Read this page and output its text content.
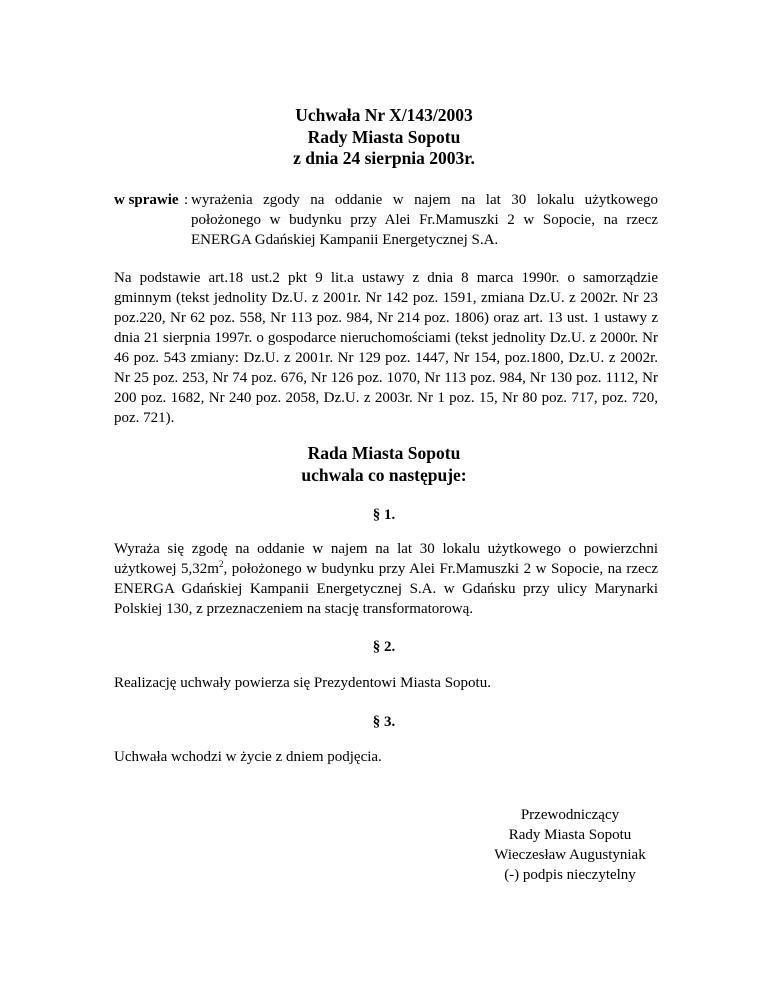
Uchwała Nr X/143/2003
Rady Miasta Sopotu
z dnia 24 sierpnia 2003r.
w sprawie : wyrażenia zgody na oddanie w najem na lat 30 lokalu użytkowego położonego w budynku przy Alei Fr.Mamuszki 2 w Sopocie, na rzecz ENERGA Gdańskiej Kampanii Energetycznej S.A.
Na podstawie art.18 ust.2 pkt 9 lit.a ustawy z dnia 8 marca 1990r. o samorządzie gminnym (tekst jednolity Dz.U. z 2001r. Nr 142 poz. 1591, zmiana Dz.U. z 2002r. Nr 23 poz.220, Nr 62 poz. 558, Nr 113 poz. 984, Nr 214 poz. 1806) oraz art. 13 ust. 1 ustawy z dnia 21 sierpnia 1997r. o gospodarce nieruchomościami (tekst jednolity Dz.U. z 2000r. Nr 46 poz. 543 zmiany: Dz.U. z 2001r. Nr 129 poz. 1447, Nr 154, poz.1800, Dz.U. z 2002r. Nr 25 poz. 253, Nr 74 poz. 676, Nr 126 poz. 1070, Nr 113 poz. 984, Nr 130 poz. 1112, Nr 200 poz. 1682, Nr 240 poz. 2058, Dz.U. z 2003r. Nr 1 poz. 15, Nr 80 poz. 717, poz. 720, poz. 721).
Rada Miasta Sopotu
uchwala co następuje:
§ 1.
Wyraża się zgodę na oddanie w najem na lat 30 lokalu użytkowego o powierzchni użytkowej $5,32m^2$, położonego w budynku przy Alei Fr.Mamuszki 2 w Sopocie, na rzecz ENERGA Gdańskiej Kampanii Energetycznej S.A. w Gdańsku przy ulicy Marynarki Polskiej 130, z przeznaczeniem na stację transformatorową.
§ 2.
Realizację uchwały powierza się Prezydentowi Miasta Sopotu.
§ 3.
Uchwała wchodzi w życie z dniem podjęcia.
Przewodniczący
Rady Miasta Sopotu
Wieczesław Augustyniak
(-) podpis nieczytelny
